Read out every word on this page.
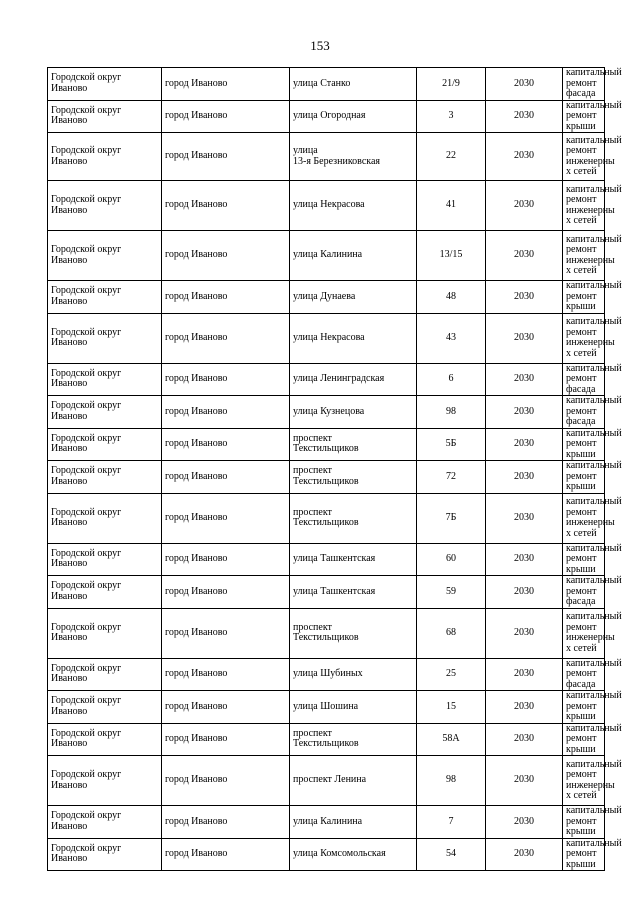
153
Городской округ
Иваново	город Иваново	улица Станко	21/9	2030	капитальный
ремонт фасада

Городской округ
Иваново	город Иваново	улица Огородная	3	2030	капитальный
ремонт крыши

Городской округ
Иваново	город Иваново	улица
13-я Березниковская	22	2030	капитальный
ремонт
инженерны
х сетей

Городской округ
Иваново	город Иваново	улица Некрасова	41	2030	капитальный
ремонт
инженерны
х сетей

Городской округ
Иваново	город Иваново	улица Калинина	13/15	2030	капитальный
ремонт
инженерны
х сетей

Городской округ
Иваново	город Иваново	улица Дунаева	48	2030	капитальный
ремонт крыши

Городской округ
Иваново	город Иваново	улица Некрасова	43	2030	капитальный
ремонт
инженерны
х сетей

Городской округ
Иваново	город Иваново	улица Ленинградская	6	2030	капитальный
ремонт фасада

Городской округ
Иваново	город Иваново	улица Кузнецова	98	2030	капитальный
ремонт фасада

Городской округ
Иваново	город Иваново	проспект
Текстильщиков	5Б	2030	капитальный
ремонт крыши

Городской округ
Иваново	город Иваново	проспект
Текстильщиков	72	2030	капитальный
ремонт крыши

Городской округ
Иваново	город Иваново	проспект
Текстильщиков	7Б	2030	капитальный
ремонт
инженерны
х сетей

Городской округ
Иваново	город Иваново	улица Ташкентская	60	2030	капитальный
ремонт крыши

Городской округ
Иваново	город Иваново	улица Ташкентская	59	2030	капитальный
ремонт фасада

Городской округ
Иваново	город Иваново	проспект
Текстильщиков	68	2030	капитальный
ремонт
инженерны
х сетей

Городской округ
Иваново	город Иваново	улица Шубиных	25	2030	капитальный
ремонт фасада

Городской округ
Иваново	город Иваново	улица Шошина	15	2030	капитальный
ремонт крыши

Городской округ
Иваново	город Иваново	проспект
Текстильщиков	58А	2030	капитальный
ремонт крыши

Городской округ
Иваново	город Иваново	проспект Ленина	98	2030	капитальный
ремонт
инженерны
х сетей

Городской округ
Иваново	город Иваново	улица Калинина	7	2030	капитальный
ремонт крыши

Городской округ
Иваново	город Иваново	улица Комсомольская	54	2030	капитальный
ремонт крыши
